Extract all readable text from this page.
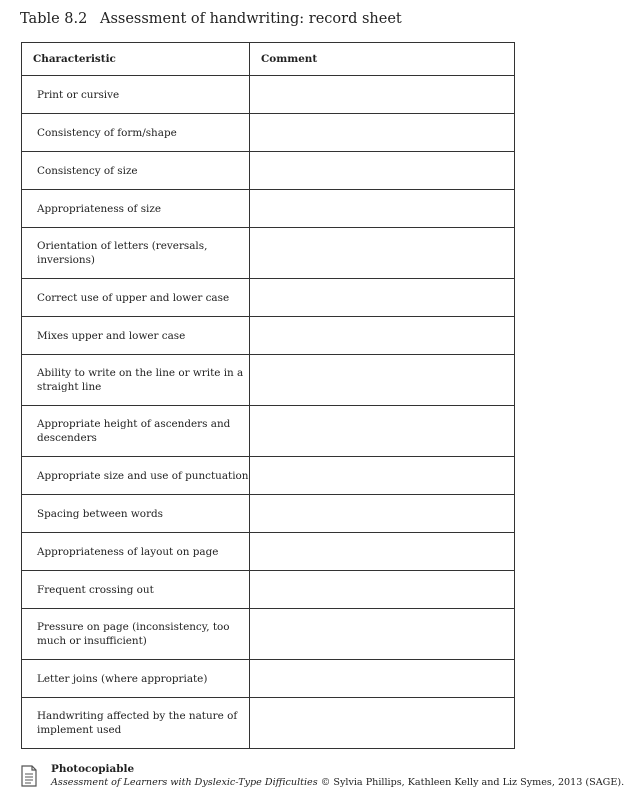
Table 8.2 Assessment of handwriting: record sheet
Characteristic	Comment
Print or cursive	
Consistency of form/shape	
Consistency of size	
Appropriateness of size	
Orientation of letters (reversals, inversions)	
Correct use of upper and lower case	
Mixes upper and lower case	
Ability to write on the line or write in a straight line	
Appropriate height of ascenders and descenders	
Appropriate size and use of punctuation	
Spacing between words	
Appropriateness of layout on page	
Frequent crossing out	
Pressure on page (inconsistency, too much or insufficient)	
Letter joins (where appropriate)	
Handwriting affected by the nature of implement used	
Photocopiable
Assessment of Learners with Dyslexic-Type Difficulties © Sylvia Phillips, Kathleen Kelly and Liz Symes, 2013 (SAGE).
